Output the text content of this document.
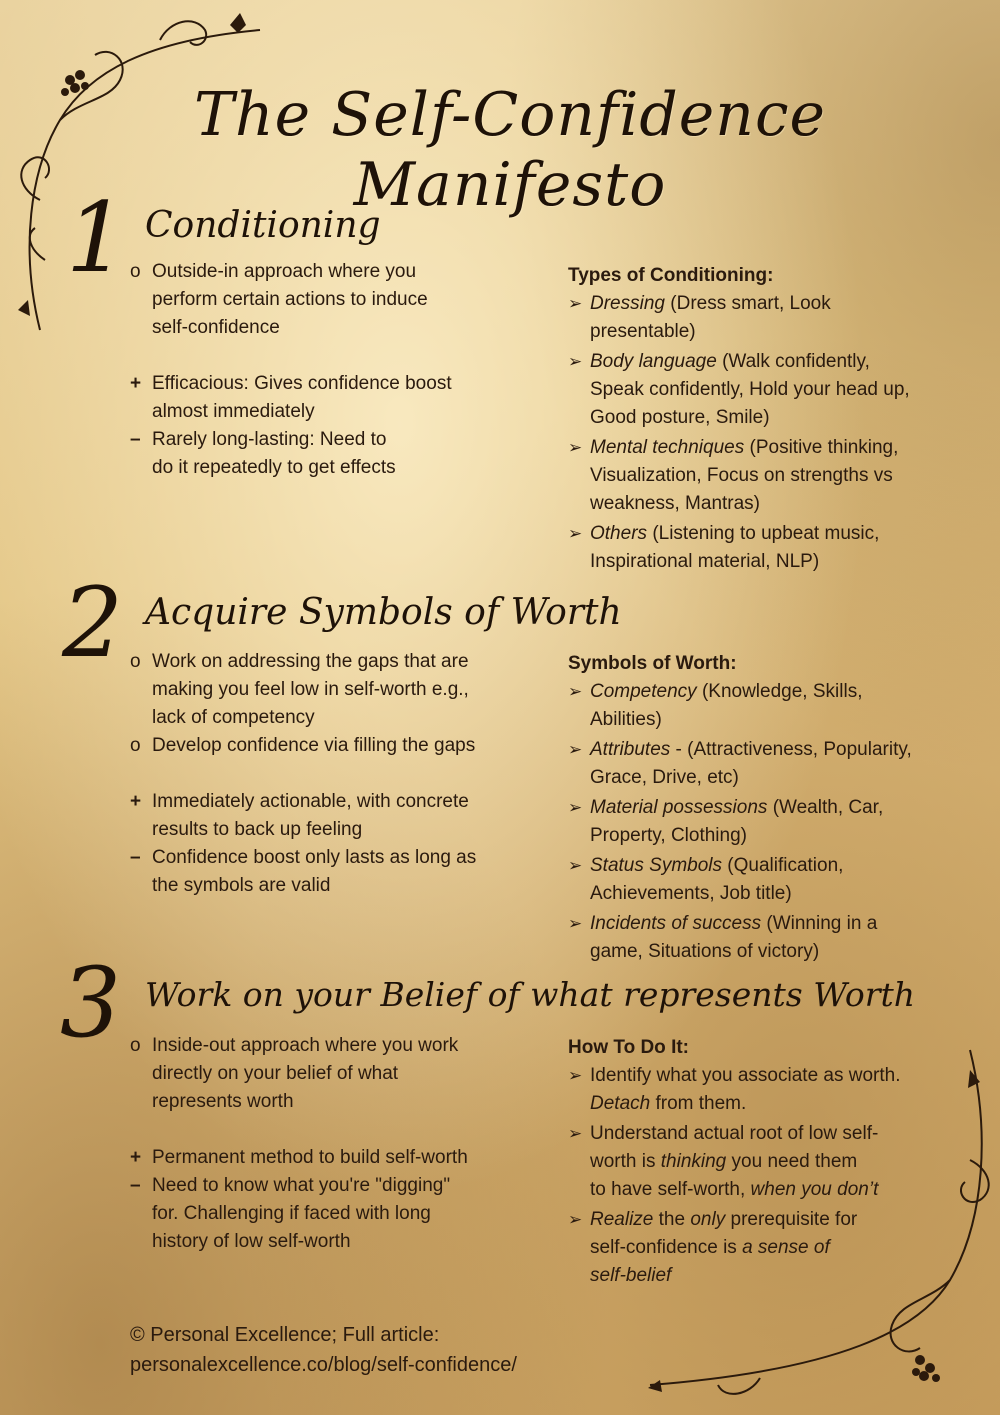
The Self-Confidence Manifesto
1 Conditioning
o Outside-in approach where you
perform certain actions to induce
self-confidence
+ Efficacious: Gives confidence boost
almost immediately
– Rarely long-lasting: Need to
do it repeatedly to get effects
Types of Conditioning:
➢ Dressing (Dress smart, Look
presentable)
➢ Body language (Walk confidently,
Speak confidently, Hold your head up,
Good posture, Smile)
➢ Mental techniques (Positive thinking,
Visualization, Focus on strengths vs
weakness, Mantras)
➢ Others (Listening to upbeat music,
Inspirational material, NLP)
2 Acquire Symbols of Worth
o Work on addressing the gaps that are
making you feel low in self-worth e.g.,
lack of competency
o Develop confidence via filling the gaps
+ Immediately actionable, with concrete
results to back up feeling
– Confidence boost only lasts as long as
the symbols are valid
Symbols of Worth:
➢ Competency (Knowledge, Skills,
Abilities)
➢ Attributes - (Attractiveness, Popularity,
Grace, Drive, etc)
➢ Material possessions (Wealth, Car,
Property, Clothing)
➢ Status Symbols (Qualification,
Achievements, Job title)
➢ Incidents of success (Winning in a
game, Situations of victory)
3 Work on your Belief of what represents Worth
o Inside-out approach where you work
directly on your belief of what
represents worth
+ Permanent method to build self-worth
– Need to know what you're "digging"
for. Challenging if faced with long
history of low self-worth
How To Do It:
➢ Identify what you associate as worth.
Detach from them.
➢ Understand actual root of low self-
worth is thinking you need them
to have self-worth, when you don’t
➢ Realize the only prerequisite for
self-confidence is a sense of
self-belief
© Personal Excellence; Full article:
personalexcellence.co/blog/self-confidence/
